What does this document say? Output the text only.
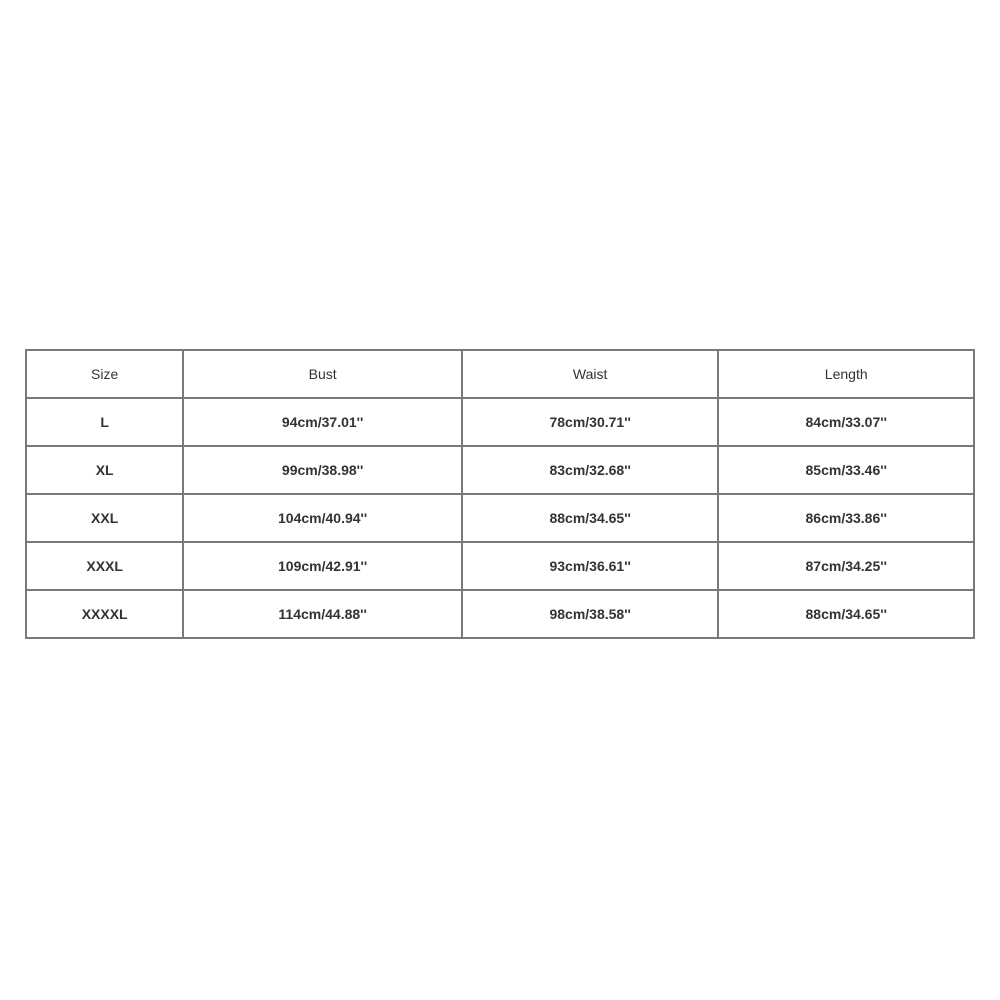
Size	Bust	Waist	Length
L	94cm/37.01''	78cm/30.71''	84cm/33.07''
XL	99cm/38.98''	83cm/32.68''	85cm/33.46''
XXL	104cm/40.94''	88cm/34.65''	86cm/33.86''
XXXL	109cm/42.91''	93cm/36.61''	87cm/34.25''
XXXXL	114cm/44.88''	98cm/38.58''	88cm/34.65''
